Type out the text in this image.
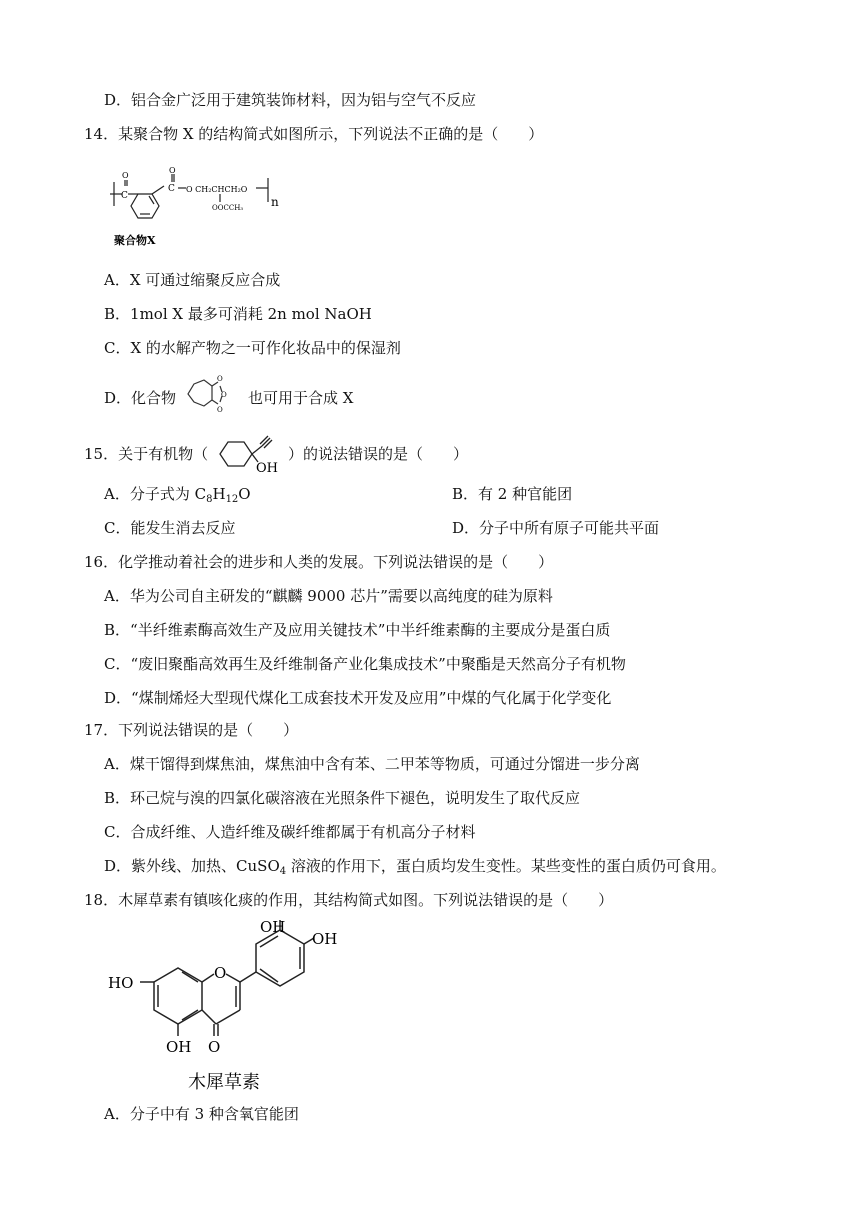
D．铝合金广泛用于建筑装饰材料，因为铝与空气不反应
14．某聚合物 X 的结构简式如图所示，下列说法不正确的是（　　）
C
O
C
O
O CH₂CHCH₂O
OOCCH₃ n
聚合物X
A．X 可通过缩聚反应合成
B．1mol X 最多可消耗 2n mol NaOH
C．X 的水解产物之一可作化妆品中的保湿剂
D．化合物
O
O
O
也可用于合成 X
15．关于有机物（
OH
）的说法错误的是（　　）
A．分子式为 $C_8H_{12}O$	B．有 2 种官能团
C．能发生消去反应	D．分子中所有原子可能共平面
16．化学推动着社会的进步和人类的发展。下列说法错误的是（　　）
A．华为公司自主研发的“麒麟 9000 芯片”需要以高纯度的硅为原料
B．“半纤维素酶高效生产及应用关键技术”中半纤维素酶的主要成分是蛋白质
C．“废旧聚酯高效再生及纤维制备产业化集成技术”中聚酯是天然高分子有机物
D．“煤制烯烃大型现代煤化工成套技术开发及应用”中煤的气化属于化学变化
17．下列说法错误的是（　　）
A．煤干馏得到煤焦油，煤焦油中含有苯、二甲苯等物质，可通过分馏进一步分离
B．环己烷与溴的四氯化碳溶液在光照条件下褪色，说明发生了取代反应
C．合成纤维、人造纤维及碳纤维都属于有机高分子材料
D．紫外线、加热、CuSO$_4$ 溶液的作用下，蛋白质均发生变性。某些变性的蛋白质仍可食用。
18．木犀草素有镇咳化痰的作用，其结构简式如图。下列说法错误的是（　　）
O
O
HO
OH
OH
OH
木犀草素
A．分子中有 3 种含氧官能团
